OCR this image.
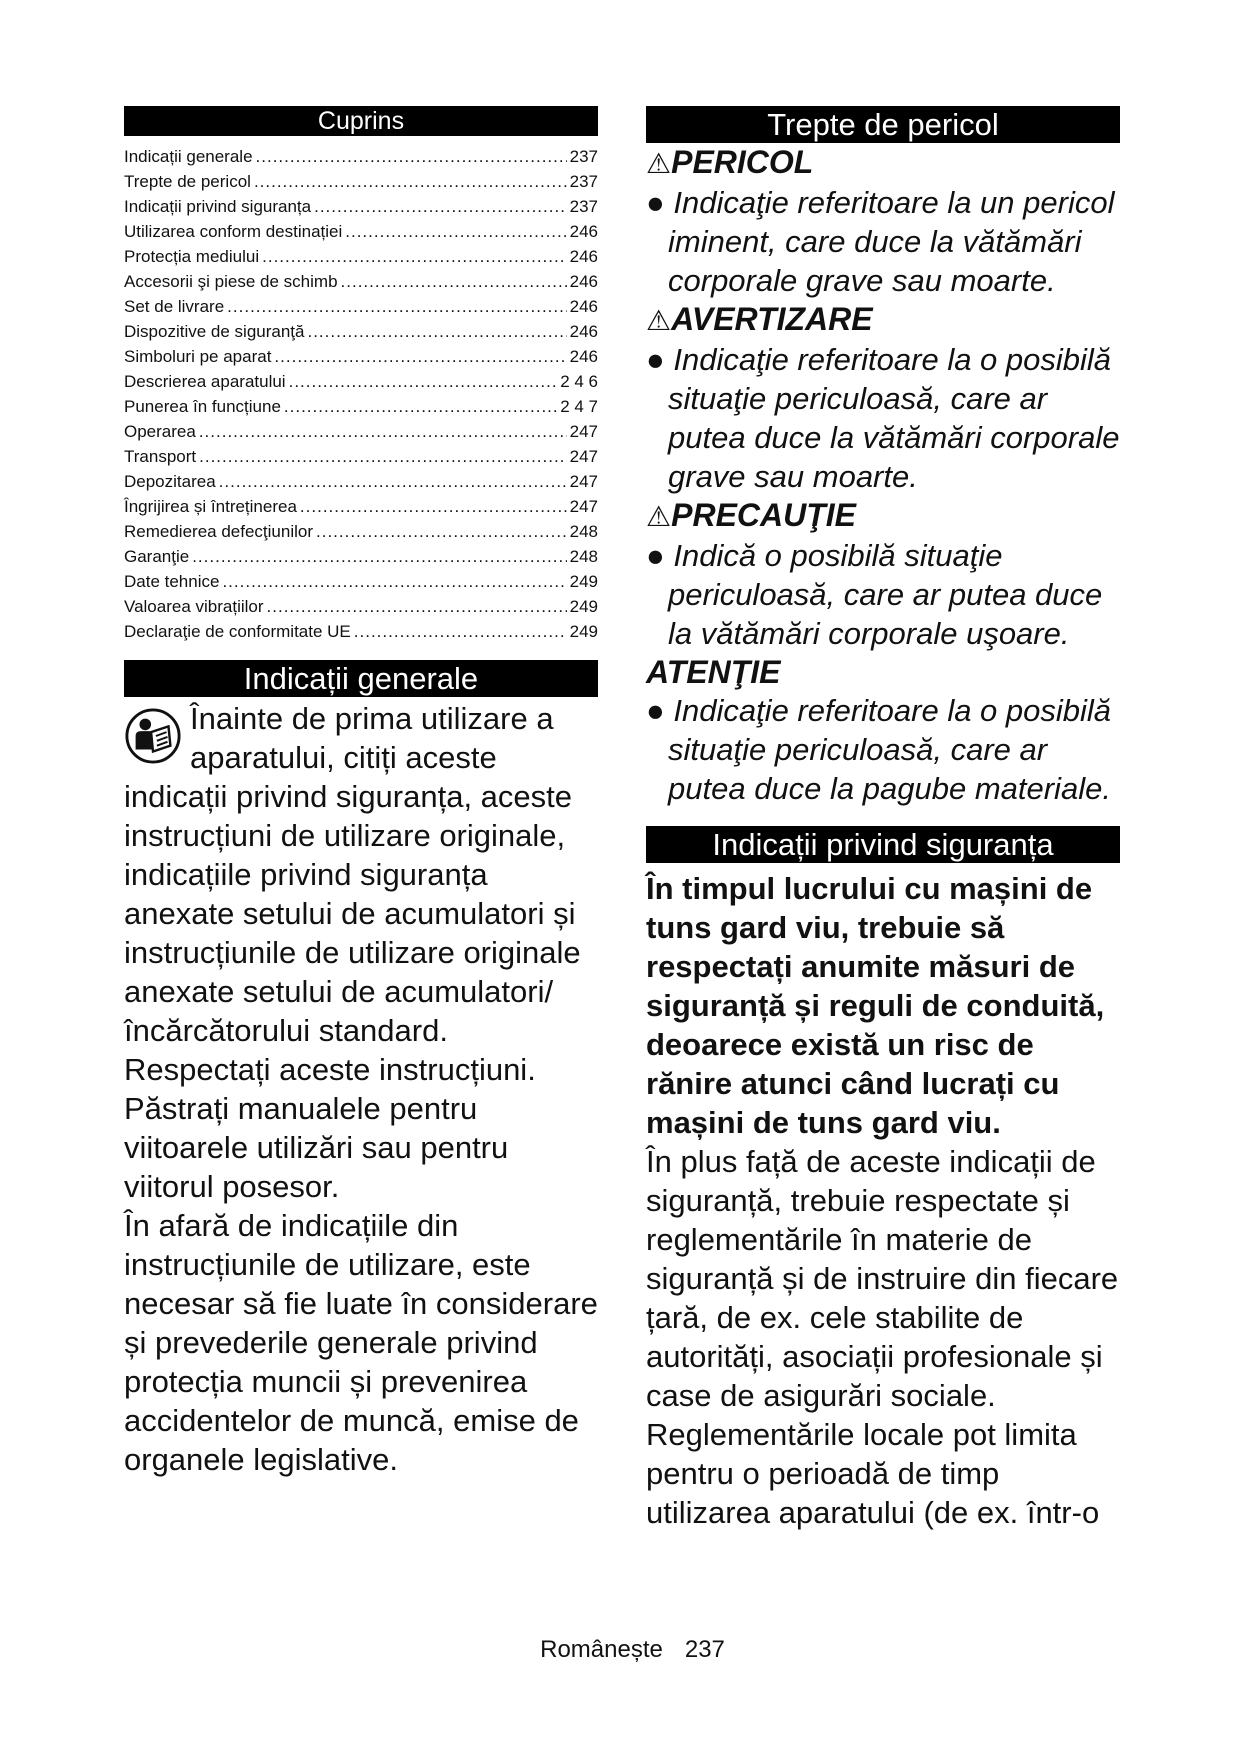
Cuprins
Indicații generale .....	237
Trepte de pericol .....	237
Indicații privind siguranța .....	237
Utilizarea conform destinației .....	246
Protecția mediului .....	246
Accesorii şi piese de schimb .....	246
Set de livrare .....	246
Dispozitive de siguranţă .....	246
Simboluri pe aparat .....	246
Descrierea aparatului .....	2 4 6
Punerea în funcțiune .....	2 4 7
Operarea .....	247
Transport .....	247
Depozitarea .....	247
Îngrijirea și întreținerea .....	247
Remedierea defecţiunilor .....	248
Garanţie .....	248
Date tehnice .....	249
Valoarea vibrațiilor .....	249
Declaraţie de conformitate UE .....	249
Indicații generale

Înainte de prima utilizare a aparatului, citiți aceste indicații privind siguranța, aceste instrucțiuni de utilizare originale, indicațiile privind siguranța anexate setului de acumulatori și instrucțiunile de utilizare originale anexate setului de acumulatori/ încărcătorului standard. Respectați aceste instrucțiuni. Păstrați manualele pentru viitoarele utilizări sau pentru viitorul posesor.

În afară de indicațiile din instrucțiunile de utilizare, este necesar să fie luate în considerare și prevederile generale privind protecția muncii și prevenirea accidentelor de muncă, emise de organele legislative.

Trepte de pericol

⚠PERICOL

● Indicaţie referitoare la un pericol iminent, care duce la vătămări corporale grave sau moarte.

⚠AVERTIZARE

● Indicaţie referitoare la o posibilă situaţie periculoasă, care ar putea duce la vătămări corporale grave sau moarte.

⚠PRECAUŢIE

● Indică o posibilă situaţie periculoasă, care ar putea duce la vătămări corporale uşoare.

ATENŢIE

● Indicaţie referitoare la o posibilă situaţie periculoasă, care ar putea duce la pagube materiale.

Indicații privind siguranța

În timpul lucrului cu mașini de tuns gard viu, trebuie să respectați anumite măsuri de siguranță și reguli de conduită, deoarece există un risc de rănire atunci când lucrați cu mașini de tuns gard viu.

În plus față de aceste indicații de siguranță, trebuie respectate și reglementările în materie de siguranță și de instruire din fiecare țară, de ex. cele stabilite de autorități, asociații profesionale și case de asigurări sociale. Reglementările locale pot limita pentru o perioadă de timp utilizarea aparatului (de ex. într-o

Românește 237
